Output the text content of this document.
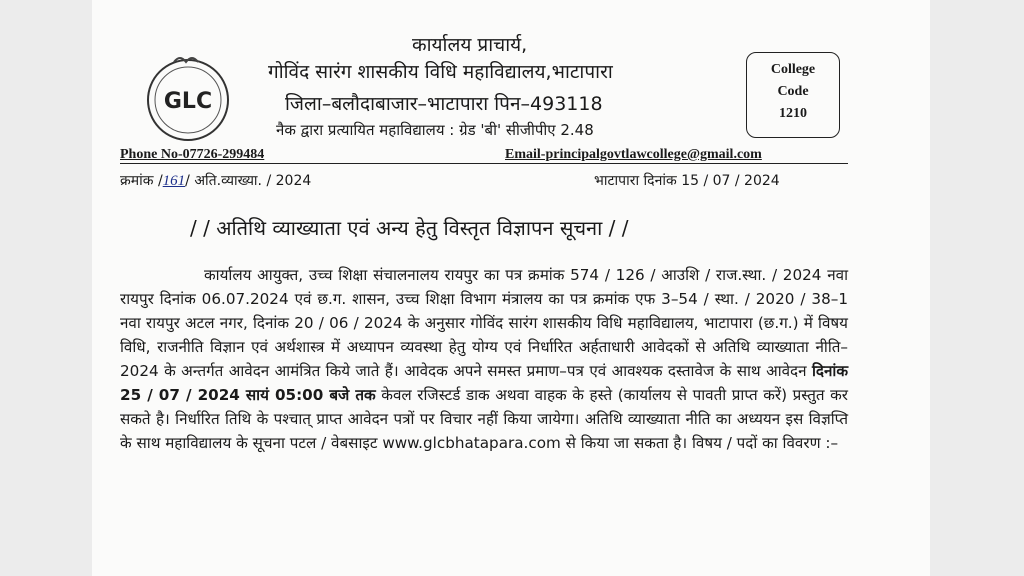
GLC
कार्यालय प्राचार्य,
गोविंद सारंग शासकीय विधि महाविद्यालय,भाटापारा
जिला–बलौदाबाजार–भाटापारा पिन–493118
नैक द्वारा प्रत्यायित महाविद्यालय : ग्रेड 'बी' सीजीपीए 2.48
College
Code
1210
Phone No-07726-299484	Email-principalgovtlawcollege@gmail.com
क्रमांक /161/ अति.व्याख्या. / 2024	भाटापारा दिनांक 15 / 07 / 2024
/ / अतिथि व्याख्याता एवं अन्य हेतु विस्तृत विज्ञापन सूचना / /

कार्यालय आयुक्त, उच्च शिक्षा संचालनालय रायपुर का पत्र क्रमांक 574 / 126 / आउशि / राज.स्था. / 2024 नवा रायपुर दिनांक 06.07.2024 एवं छ.ग. शासन, उच्च शिक्षा विभाग मंत्रालय का पत्र क्रमांक एफ 3–54 / स्था. / 2020 / 38–1 नवा रायपुर अटल नगर, दिनांक 20 / 06 / 2024 के अनुसार गोविंद सारंग शासकीय विधि महाविद्यालय, भाटापारा (छ.ग.) में विषय विधि, राजनीति विज्ञान एवं अर्थशास्त्र में अध्यापन व्यवस्था हेतु योग्य एवं निर्धारित अर्हताधारी आवेदकों से अतिथि व्याख्याता नीति–2024 के अन्तर्गत आवेदन आमंत्रित किये जाते हैं। आवेदक अपने समस्त प्रमाण–पत्र एवं आवश्यक दस्तावेज के साथ आवेदन दिनांक 25 / 07 / 2024 सायं 05:00 बजे तक केवल रजिस्टर्ड डाक अथवा वाहक के हस्ते (कार्यालय से पावती प्राप्त करें) प्रस्तुत कर सकते है। निर्धारित तिथि के पश्चात् प्राप्त आवेदन पत्रों पर विचार नहीं किया जायेगा। अतिथि व्याख्याता नीति का अध्ययन इस विज्ञप्ति के साथ महाविद्यालय के सूचना पटल / वेबसाइट www.glcbhatapara.com से किया जा सकता है। विषय / पदों का विवरण :–
